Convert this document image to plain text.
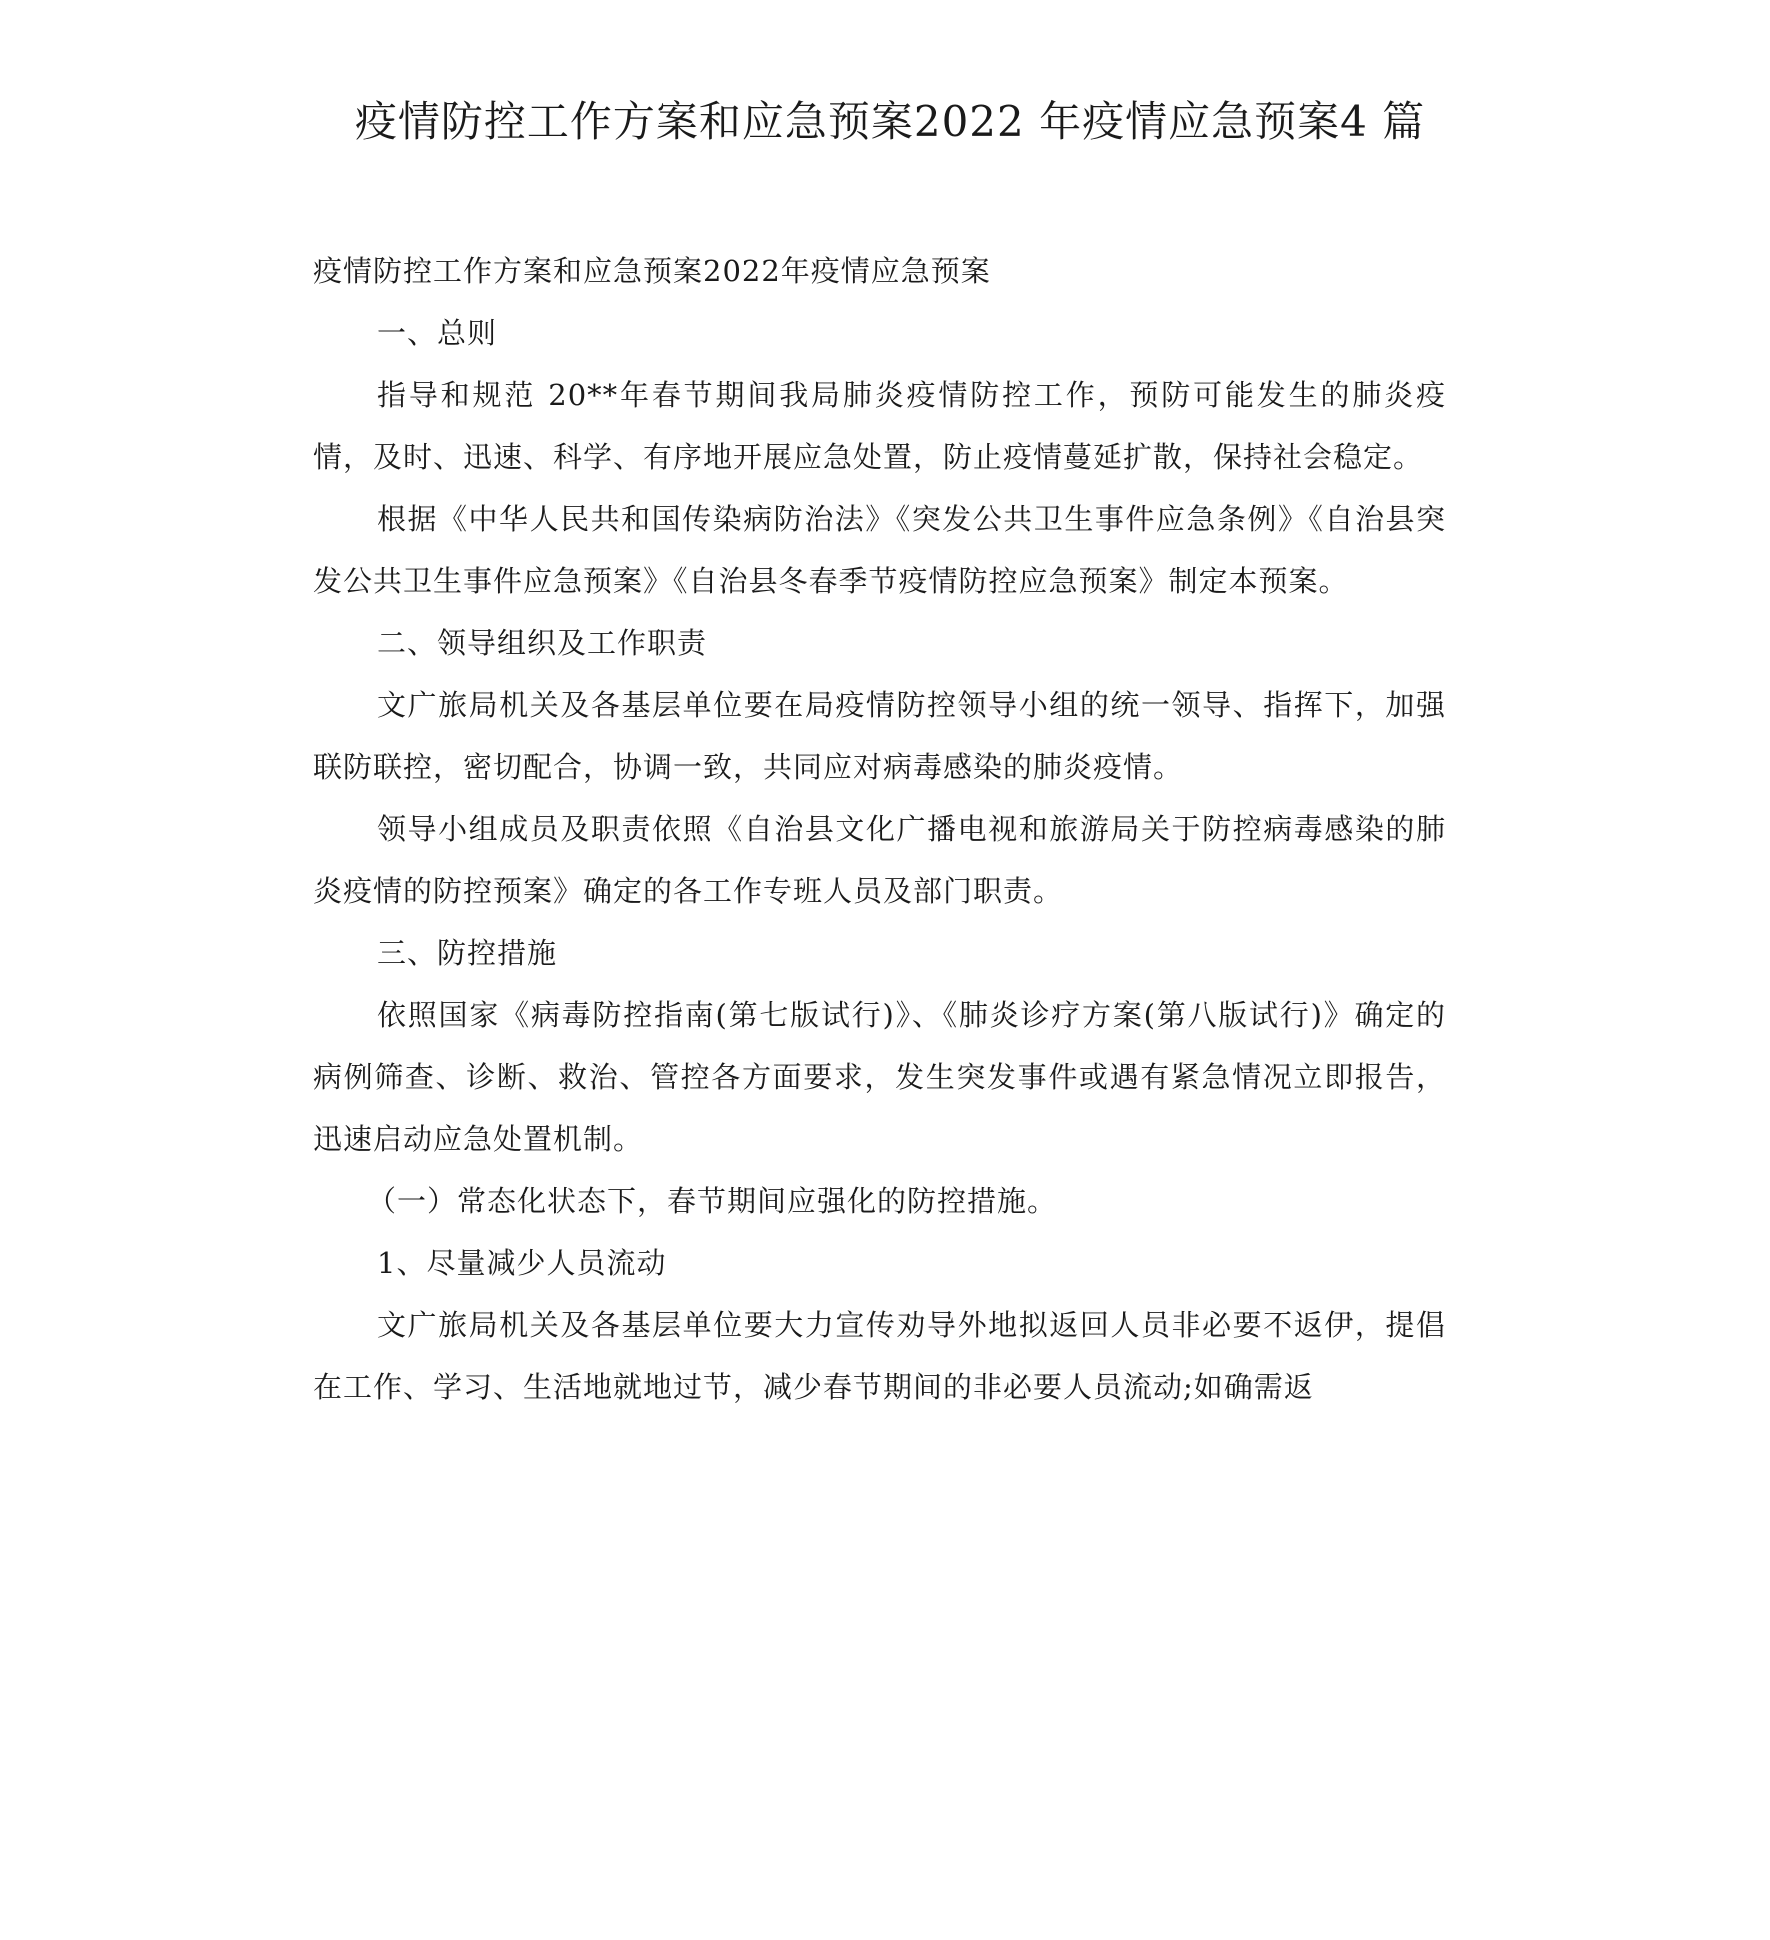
疫情防控工作方案和应急预案2022 年疫情应急预案4 篇

疫情防控工作方案和应急预案2022年疫情应急预案

一、总则

指导和规范 20**年春节期间我局肺炎疫情防控工作，预防可能发生的肺炎疫情，及时、迅速、科学、有序地开展应急处置，防止疫情蔓延扩散，保持社会稳定。

根据《中华人民共和国传染病防治法》《突发公共卫生事件应急条例》《自治县突发公共卫生事件应急预案》《自治县冬春季节疫情防控应急预案》制定本预案。

二、领导组织及工作职责

文广旅局机关及各基层单位要在局疫情防控领导小组的统一领导、指挥下，加强联防联控，密切配合，协调一致，共同应对病毒感染的肺炎疫情。

领导小组成员及职责依照《自治县文化广播电视和旅游局关于防控病毒感染的肺炎疫情的防控预案》确定的各工作专班人员及部门职责。

三、防控措施

依照国家《病毒防控指南(第七版试行)》、《肺炎诊疗方案(第八版试行)》确定的病例筛查、诊断、救治、管控各方面要求，发生突发事件或遇有紧急情况立即报告，迅速启动应急处置机制。

（一）常态化状态下，春节期间应强化的防控措施。

1、尽量减少人员流动

文广旅局机关及各基层单位要大力宣传劝导外地拟返回人员非必要不返伊，提倡在工作、学习、生活地就地过节，减少春节期间的非必要人员流动;如确需返
